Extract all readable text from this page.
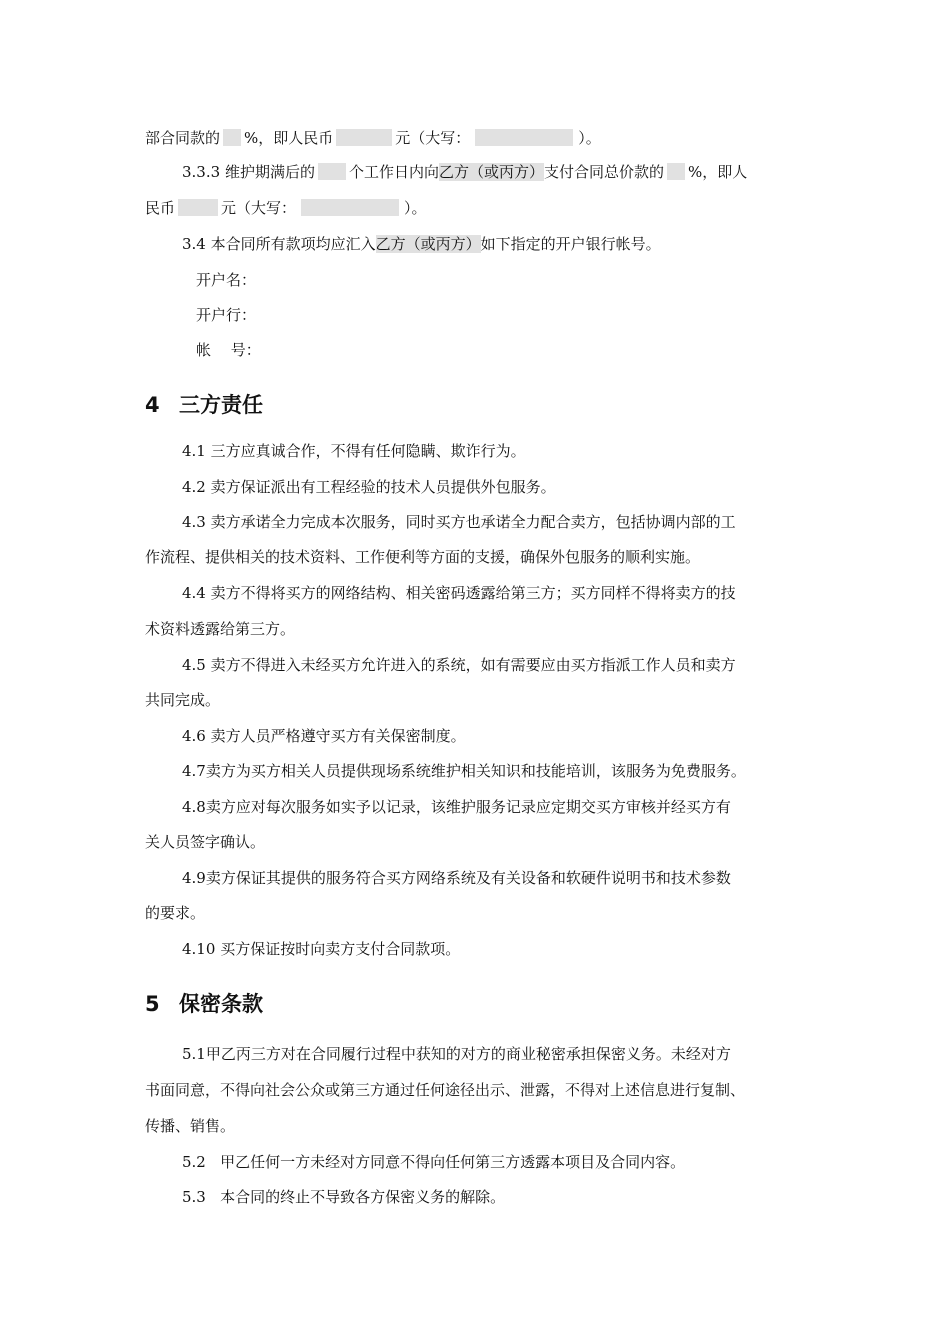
部合同款的 %，即人民币	元（大写：	）。
3.3.3 维护期满后的 个工作日内向乙方（或丙方）支付合同总价款的 %，即人
民币	元（大写：	）。
3.4 本合同所有款项均应汇入乙方（或丙方）如下指定的开户银行帐号。
开户名：
开户行：
帐　 号：
4 三方责任
4.1 三方应真诚合作，不得有任何隐瞒、欺诈行为。
4.2 卖方保证派出有工程经验的技术人员提供外包服务。
4.3 卖方承诺全力完成本次服务，同时买方也承诺全力配合卖方，包括协调内部的工
作流程、提供相关的技术资料、工作便利等方面的支援，确保外包服务的顺利实施。
4.4 卖方不得将买方的网络结构、相关密码透露给第三方；买方同样不得将卖方的技
术资料透露给第三方。
4.5 卖方不得进入未经买方允许进入的系统，如有需要应由买方指派工作人员和卖方
共同完成。
4.6 卖方人员严格遵守买方有关保密制度。
4.7卖方为买方相关人员提供现场系统维护相关知识和技能培训，该服务为免费服务。
4.8卖方应对每次服务如实予以记录，该维护服务记录应定期交买方审核并经买方有
关人员签字确认。
4.9卖方保证其提供的服务符合买方网络系统及有关设备和软硬件说明书和技术参数
的要求。
4.10 买方保证按时向卖方支付合同款项。
5 保密条款
5.1甲乙丙三方对在合同履行过程中获知的对方的商业秘密承担保密义务。未经对方
书面同意，不得向社会公众或第三方通过任何途径出示、泄露，不得对上述信息进行复制、
传播、销售。
5.2 甲乙任何一方未经对方同意不得向任何第三方透露本项目及合同内容。
5.3 本合同的终止不导致各方保密义务的解除。
